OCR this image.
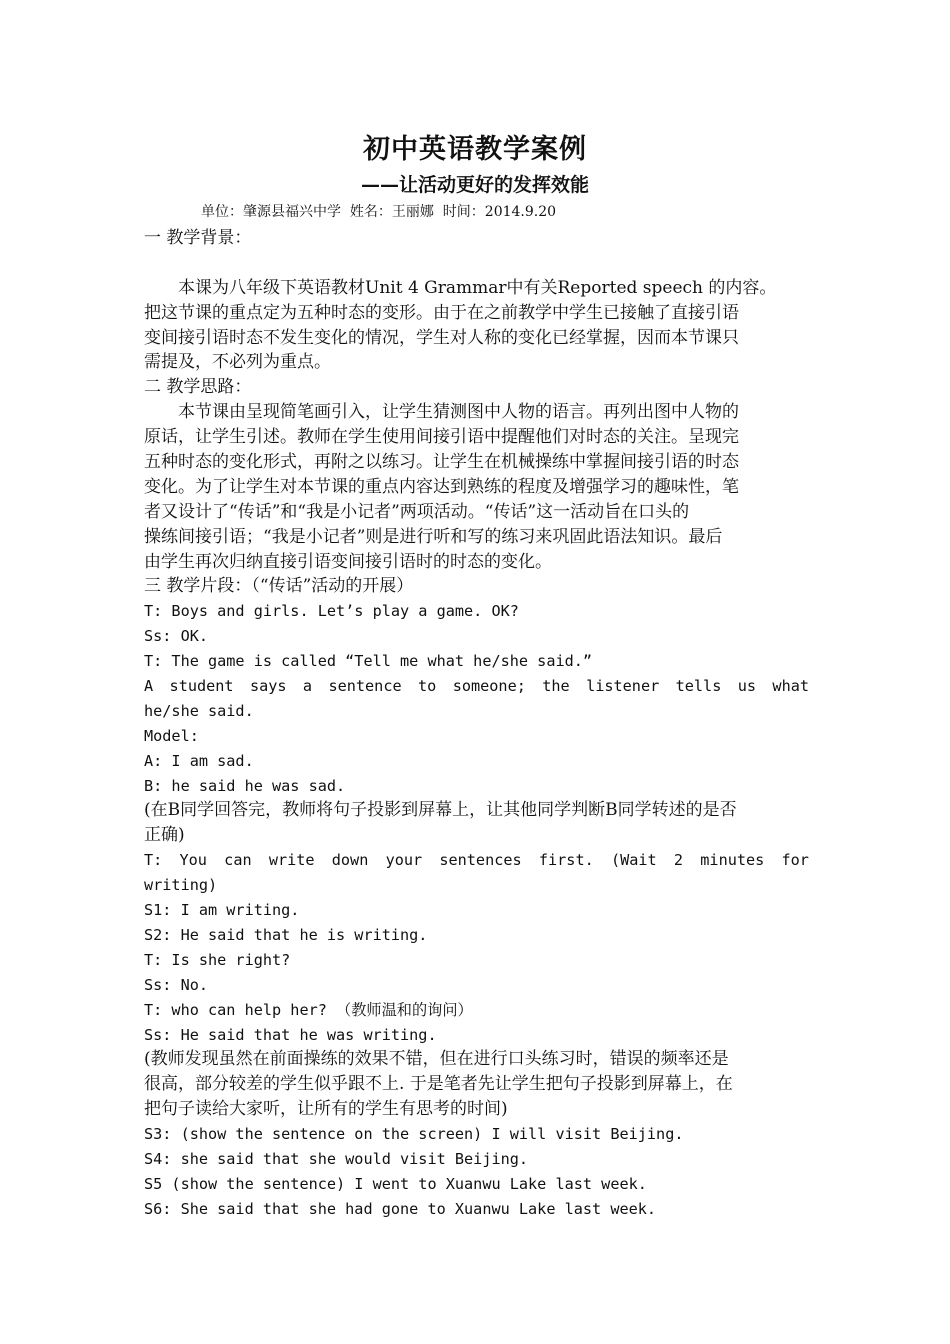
初中英语教学案例
——让活动更好的发挥效能
单位：肇源县福兴中学  姓名：王丽娜  时间：2014.9.20
一 教学背景：
本课为八年级下英语教材Unit 4 Grammar中有关Reported speech 的内容。
把这节课的重点定为五种时态的变形。由于在之前教学中学生已接触了直接引语
变间接引语时态不发生变化的情况，学生对人称的变化已经掌握，因而本节课只
需提及，不必列为重点。
二 教学思路：
本节课由呈现简笔画引入，让学生猜测图中人物的语言。再列出图中人物的
原话，让学生引述。教师在学生使用间接引语中提醒他们对时态的关注。呈现完
五种时态的变化形式，再附之以练习。让学生在机械操练中掌握间接引语的时态
变化。为了让学生对本节课的重点内容达到熟练的程度及增强学习的趣味性，笔
者又设计了“传话”和“我是小记者”两项活动。“传话”这一活动旨在口头的
操练间接引语；“我是小记者”则是进行听和写的练习来巩固此语法知识。最后
由学生再次归纳直接引语变间接引语时的时态的变化。
三 教学片段：（“传话”活动的开展）
T: Boys and girls. Let’s play a game. OK?
Ss: OK.
T: The game is called “Tell me what he/she said.”
A student says a sentence to someone; the listener tells us what
he/she said.
Model:
A: I am sad.
B: he said he was sad.
(在B同学回答完，教师将句子投影到屏幕上，让其他同学判断B同学转述的是否
正确)
T: You can write down your sentences first. (Wait 2 minutes for
writing)
S1: I am writing.
S2: He said that he is writing.
T: Is she right?
Ss: No.
T: who can help her? （教师温和的询问）
Ss: He said that he was writing.
(教师发现虽然在前面操练的效果不错，但在进行口头练习时，错误的频率还是
很高，部分较差的学生似乎跟不上. 于是笔者先让学生把句子投影到屏幕上，在
把句子读给大家听，让所有的学生有思考的时间)
S3: (show the sentence on the screen) I will visit Beijing.
S4: she said that she would visit Beijing.
S5 (show the sentence) I went to Xuanwu Lake last week.
S6: She said that she had gone to Xuanwu Lake last week.
